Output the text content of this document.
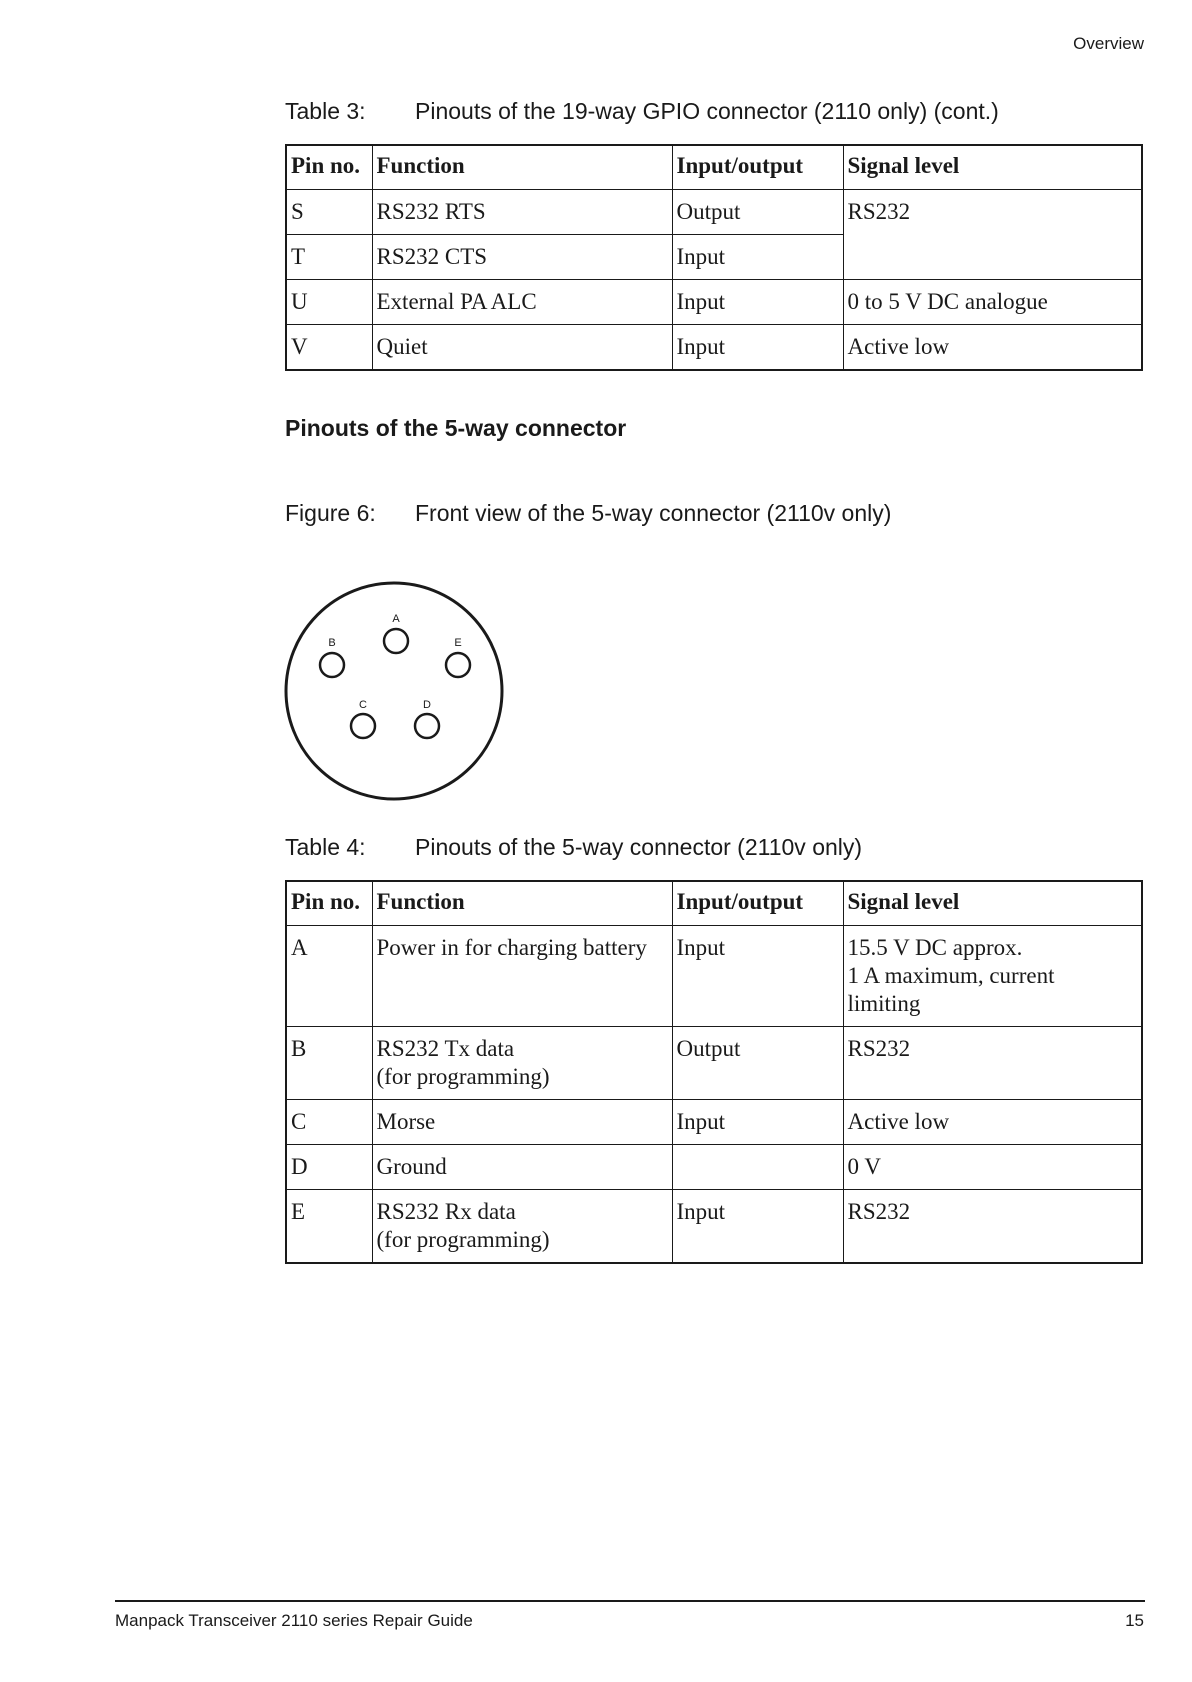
Overview
Table 3: Pinouts of the 19-way GPIO connector (2110 only) (cont.)
Pin no.	Function	Input/output	Signal level
S	RS232 RTS	Output	RS232
T	RS232 CTS	Input	
U	External PA ALC	Input	0 to 5 V DC analogue
V	Quiet	Input	Active low
Pinouts of the 5-way connector
Figure 6: Front view of the 5-way connector (2110v only)
A
B
C	D
E
Table 4: Pinouts of the 5-way connector (2110v only)
Pin no.	Function	Input/output	Signal level
A	Power in for charging battery	Input	15.5 V DC approx.
1 A maximum, current
limiting

B	RS232 Tx data
(for programming)	Output	RS232
C	Morse	Input	Active low
D	Ground		0 V
E	RS232 Rx data
(for programming)	Input	RS232
Manpack Transceiver 2110 series Repair Guide	15
